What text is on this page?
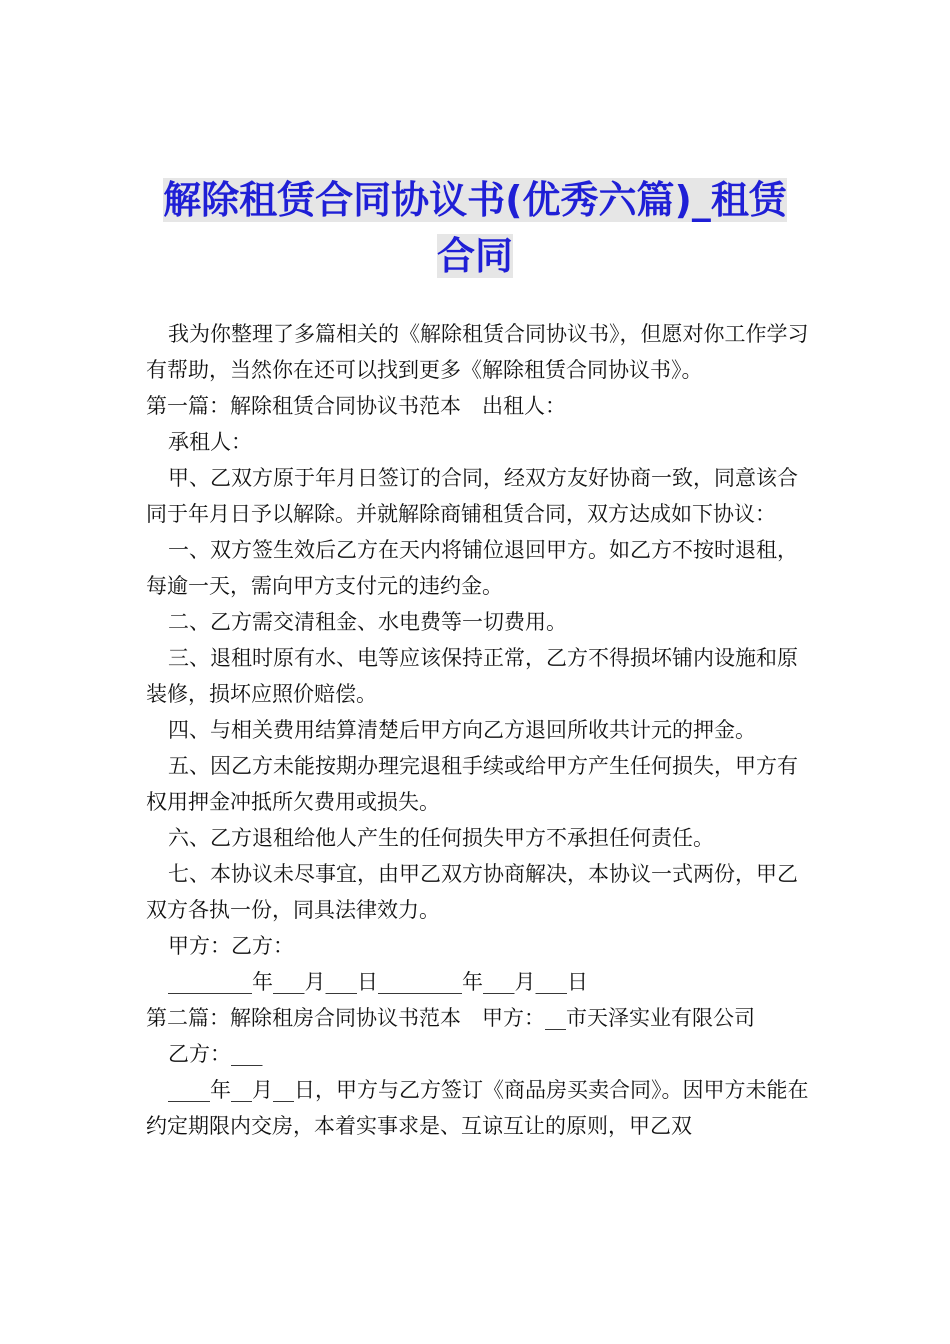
解除租赁合同协议书(优秀六篇)_租赁
合同

我为你整理了多篇相关的《解除租赁合同协议书》，但愿对你工作学习有帮助，当然你在还可以找到更多《解除租赁合同协议书》。

第一篇：解除租赁合同协议书范本　出租人：

承租人：

甲、乙双方原于年月日签订的合同，经双方友好协商一致，同意该合同于年月日予以解除。并就解除商铺租赁合同，双方达成如下协议：

一、双方签生效后乙方在天内将铺位退回甲方。如乙方不按时退租，每逾一天，需向甲方支付元的违约金。

二、乙方需交清租金、水电费等一切费用。

三、退租时原有水、电等应该保持正常，乙方不得损坏铺内设施和原装修，损坏应照价赔偿。

四、与相关费用结算清楚后甲方向乙方退回所收共计元的押金。

五、因乙方未能按期办理完退租手续或给甲方产生任何损失，甲方有权用押金冲抵所欠费用或损失。

六、乙方退租给他人产生的任何损失甲方不承担任何责任。

七、本协议未尽事宜，由甲乙双方协商解决，本协议一式两份，甲乙双方各执一份，同具法律效力。

甲方：乙方：

________年___月___日________年___月___日

第二篇：解除租房合同协议书范本　甲方：__市天泽实业有限公司

乙方：___

____年__月__日，甲方与乙方签订《商品房买卖合同》。因甲方未能在约定期限内交房，本着实事求是、互谅互让的原则，甲乙双
